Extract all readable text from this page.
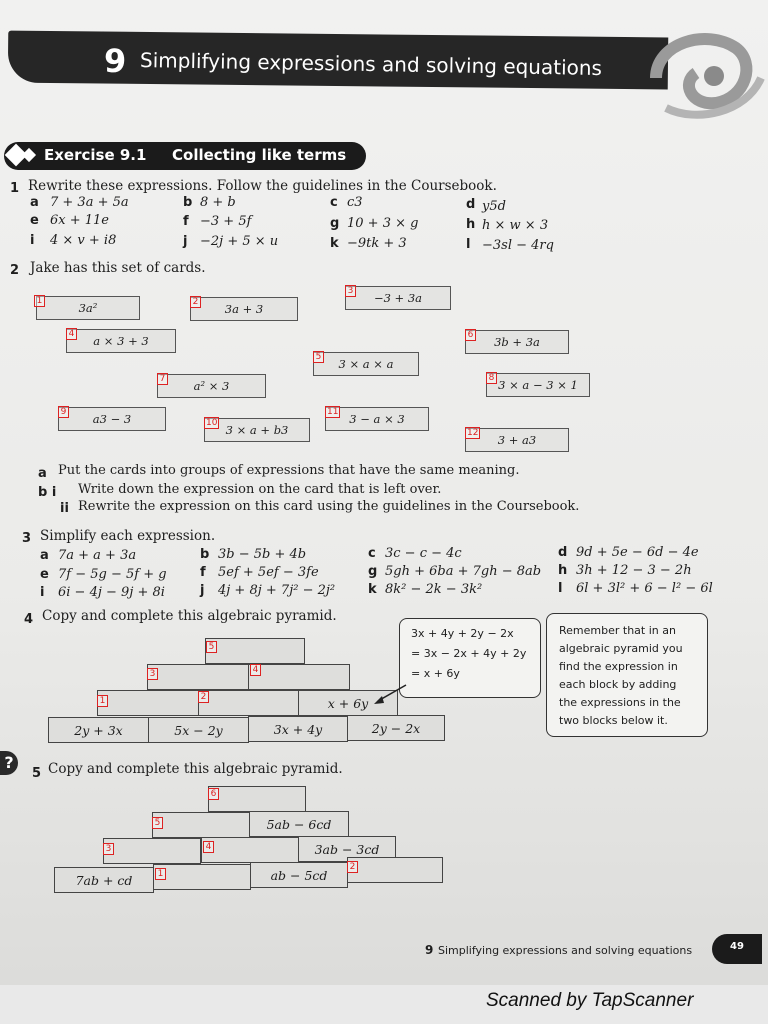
9 Simplifying expressions and solving equations
Exercise 9.1 Collecting like terms
1 Rewrite these expressions. Follow the guidelines in the Coursebook.
a 7 + 3a + 5a	b 8 + b	c c3	d y5d
e 6x + 11e	f −3 + 5f	g 10 + 3 × g	h h × w × 3
i 4 × v + i8	j −2j + 5 × u	k −9tk + 3	l −3sl − 4rq
2 Jake has this set of cards.
3a²
1
3a + 3
2	−3 + 3a
3
a × 3 + 3
4
3 × a × a
5
3b + 3a
6
a² × 3
7	3 × a − 3 × 1
8
a3 − 3
9
3 × a + b3
10	3 − a × 3
11
3 + a3
12
a Put the cards into groups of expressions that have the same meaning.
b i Write down the expression on the card that is left over.
ii Rewrite the expression on this card using the guidelines in the Coursebook.
3 Simplify each expression.
a 7a + a + 3a	b 3b − 5b + 4b	c 3c − c − 4c	d 9d + 5e − 6d − 4e
e 7f − 5g − 5f + g	f 5ef + 5ef − 3fe	g 5gh + 6ba + 7gh − 8ab h 3h + 12 − 3 − 2h
i 6i − 4j − 9j + 8i	j 4j + 8j + 7j² − 2j²	k 8k² − 2k − 3k²	l 6l + 3l² + 6 − l² − 6l
4 Copy and complete this algebraic pyramid.
5
3	4
1	2	x + 6y
2y + 3x	5x − 2y	3x + 4y	2y − 2x
3x + 4y + 2y − 2x
= 3x − 2x + 4y + 2y
= x + 6y
Remember that in an
algebraic pyramid you
find the expression in
each block by adding
the expressions in the
two blocks below it.
?
5 Copy and complete this algebraic pyramid.
6
5	5ab − 6cd
3	4	3ab − 3cd
7ab + cd	1	ab − 5cd
2
9 Simplifying expressions and solving equations	49
Scanned by TapScanner
